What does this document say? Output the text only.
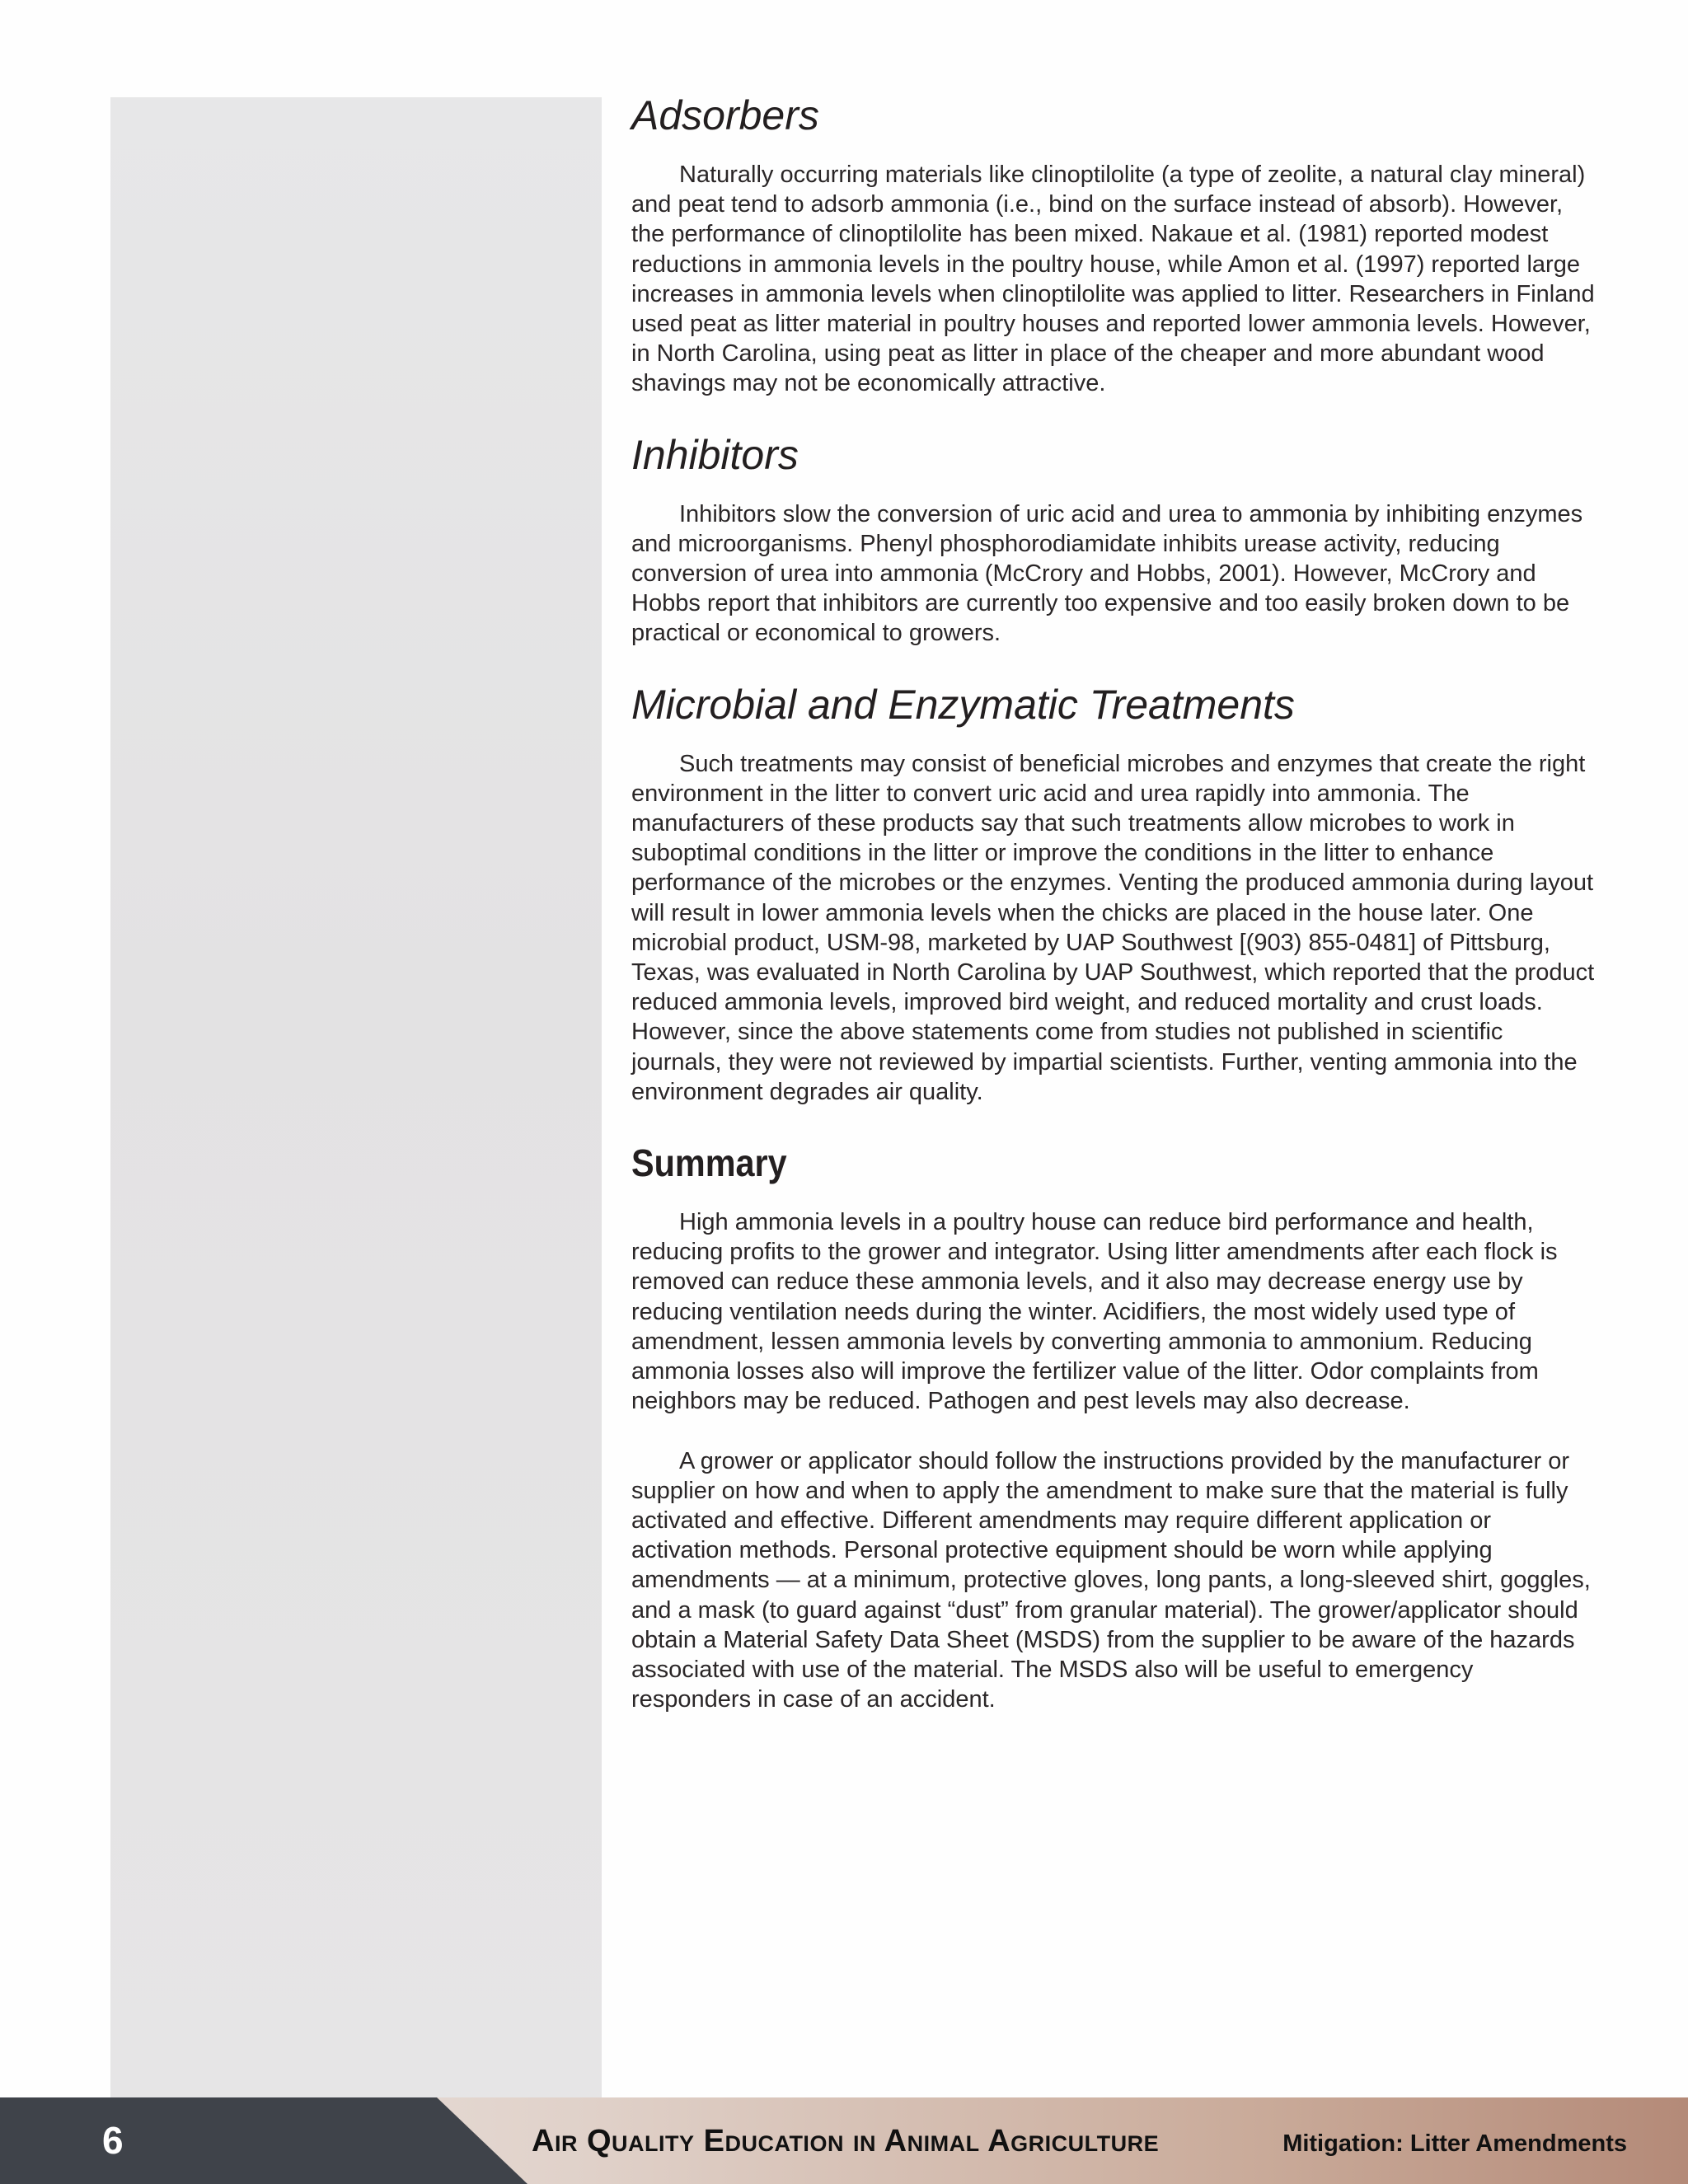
Adsorbers

Naturally occurring materials like clinoptilolite (a type of zeolite, a natural clay mineral) and peat tend to adsorb ammonia (i.e., bind on the surface instead of absorb). However, the performance of clinoptilolite has been mixed. Nakaue et al. (1981) reported modest reductions in ammonia levels in the poultry house, while Amon et al. (1997) reported large increases in ammonia levels when clinoptilolite was applied to litter. Researchers in Finland used peat as litter material in poultry houses and reported lower ammonia levels. However, in North Carolina, using peat as litter in place of the cheaper and more abundant wood shavings may not be economically attractive.

Inhibitors

Inhibitors slow the conversion of uric acid and urea to ammonia by inhibiting enzymes and microorganisms. Phenyl phosphorodiamidate inhibits urease activity, reducing conversion of urea into ammonia (McCrory and Hobbs, 2001). However, McCrory and Hobbs report that inhibitors are currently too expensive and too easily broken down to be practical or economical to growers.

Microbial and Enzymatic Treatments

Such treatments may consist of beneficial microbes and enzymes that create the right environment in the litter to convert uric acid and urea rapidly into ammonia. The manufacturers of these products say that such treatments allow microbes to work in suboptimal conditions in the litter or improve the conditions in the litter to enhance performance of the microbes or the enzymes. Venting the produced ammonia during layout will result in lower ammonia levels when the chicks are placed in the house later. One microbial product, USM-98, marketed by UAP Southwest [(903) 855-0481] of Pittsburg, Texas, was evaluated in North Carolina by UAP Southwest, which reported that the product reduced ammonia levels, improved bird weight, and reduced mortality and crust loads. However, since the above statements come from studies not published in scientific journals, they were not reviewed by impartial scientists. Further, venting ammonia into the environment degrades air quality.

Summary

High ammonia levels in a poultry house can reduce bird performance and health, reducing profits to the grower and integrator. Using litter amendments after each flock is removed can reduce these ammonia levels, and it also may decrease energy use by reducing ventilation needs during the winter. Acidifiers, the most widely used type of amendment, lessen ammonia levels by converting ammonia to ammonium. Reducing ammonia losses also will improve the fertilizer value of the litter. Odor complaints from neighbors may be reduced. Pathogen and pest levels may also decrease.

A grower or applicator should follow the instructions provided by the manufacturer or supplier on how and when to apply the amendment to make sure that the material is fully activated and effective. Different amendments may require different application or activation methods. Personal protective equipment should be worn while applying amendments — at a minimum, protective gloves, long pants, a long-sleeved shirt, goggles, and a mask (to guard against “dust” from granular material). The grower/applicator should obtain a Material Safety Data Sheet (MSDS) from the supplier to be aware of the hazards associated with use of the material. The MSDS also will be useful to emergency responders in case of an accident.

6	Air Quality Education in Animal Agriculture	Mitigation: Litter Amendments
